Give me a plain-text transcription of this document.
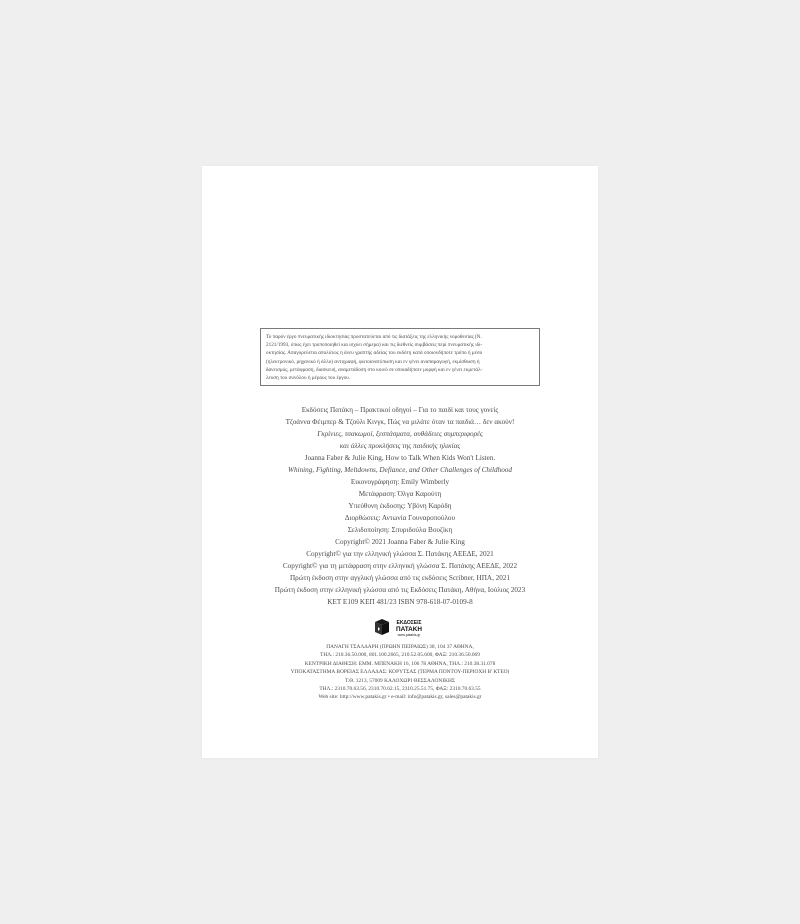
Το παρόν έργο πνευματικής ιδιοκτησίας προστατεύεται από τις διατάξεις της ελληνικής νομοθεσίας (Ν.
2121/1993, όπως έχει τροποποιηθεί και ισχύει σήμερα) και τις διεθνείς συμβάσεις περί πνευματικής ιδι-
οκτησίας. Απαγορεύεται απολύτως η άνευ γραπτής αδείας του εκδότη κατά οποιονδήποτε τρόπο ή μέσο
(ηλεκτρονικό, μηχανικό ή άλλο) αντιγραφή, φωτοανατύπωση και εν γένει αναπαραγωγή, εκμίσθωση ή
δανεισμός, μετάφραση, διασκευή, αναμετάδοση στο κοινό σε οποιαδήποτε μορφή και εν γένει εκμετάλ-
λευση του συνόλου ή μέρους του έργου.
Εκδόσεις Πατάκη – Πρακτικοί οδηγοί – Για το παιδί και τους γονείς
Τζοάννα Φέιμπερ & Τζούλι Κινγκ, Πώς να μιλάτε όταν τα παιδιά… δεν ακούν!
Γκρίνιες, τσακωμοί, ξεσπάσματα, αυθάδειες συμπεριφορές
και άλλες προκλήσεις της παιδικής ηλικίας
Joanna Faber & Julie King, How to Talk When Kids Won't Listen.
Whining, Fighting, Meltdowns, Defiance, and Other Challenges of Childhood
Εικονογράφηση: Emily Wimberly
Μετάφραση: Όλγα Καρούτη
Υπεύθυνη έκδοσης: Υβόνη Καρόδη
Διορθώσεις: Αντωνία Γουναροπούλου
Σελιδοποίηση: Σπυριδούλα Βουζίκη
Copyright© 2021 Joanna Faber & Julie King
Copyright© για την ελληνική γλώσσα Σ. Πατάκης ΑΕΕΔΕ, 2021
Copyright© για τη μετάφραση στην ελληνική γλώσσα Σ. Πατάκης ΑΕΕΔΕ, 2022
Πρώτη έκδοση στην αγγλική γλώσσα από τις εκδόσεις Scribner, ΗΠΑ, 2021
Πρώτη έκδοση στην ελληνική γλώσσα από τις Εκδόσεις Πατάκη, Αθήνα, Ιούλιος 2023
ΚΕΤ Ε109 ΚΕΠ 481/23 ISBN 978-618-07-0109-8
ΕΚΔΟΣΕΙΣ
ΠΑΤΑΚΗ
www.patakis.gr
ΠΑΝΑΓΗ ΤΣΑΛΔΑΡΗ (ΠΡΩΗΝ ΠΕΙΡΑΙΩΣ) 38, 104 37 ΑΘΗΝΑ,
ΤΗΛ.: 210.36.50.000, 801.100.2665, 210.52.05.600, ΦΑΞ: 210.36.50.069
ΚΕΝΤΡΙΚΗ ΔΙΑΘΕΣΗ: ΕΜΜ. ΜΠΕΝΑΚΗ 16, 106 78 ΑΘΗΝΑ, ΤΗΛ.: 210.38.31.078
ΥΠΟΚΑΤΑΣΤΗΜΑ ΒΟΡΕΙΑΣ ΕΛΛΑΔΑΣ: ΚΟΡΥΤΣΑΣ (ΤΕΡΜΑ ΠΟΝΤΟΥ-ΠΕΡΙΟΧΗ Β' ΚΤΕΟ)
Τ.Θ. 1213, 57009 ΚΑΛΟΧΩΡΙ ΘΕΣΣΑΛΟΝΙΚΗΣ
ΤΗΛ.: 2310.70.63.56, 2310.70.62.15, 2310.25.51.75, ΦΑΞ: 2310.70.63.55
Web site: http://www.patakis.gr • e-mail: info@patakis.gr, sales@patakis.gr
